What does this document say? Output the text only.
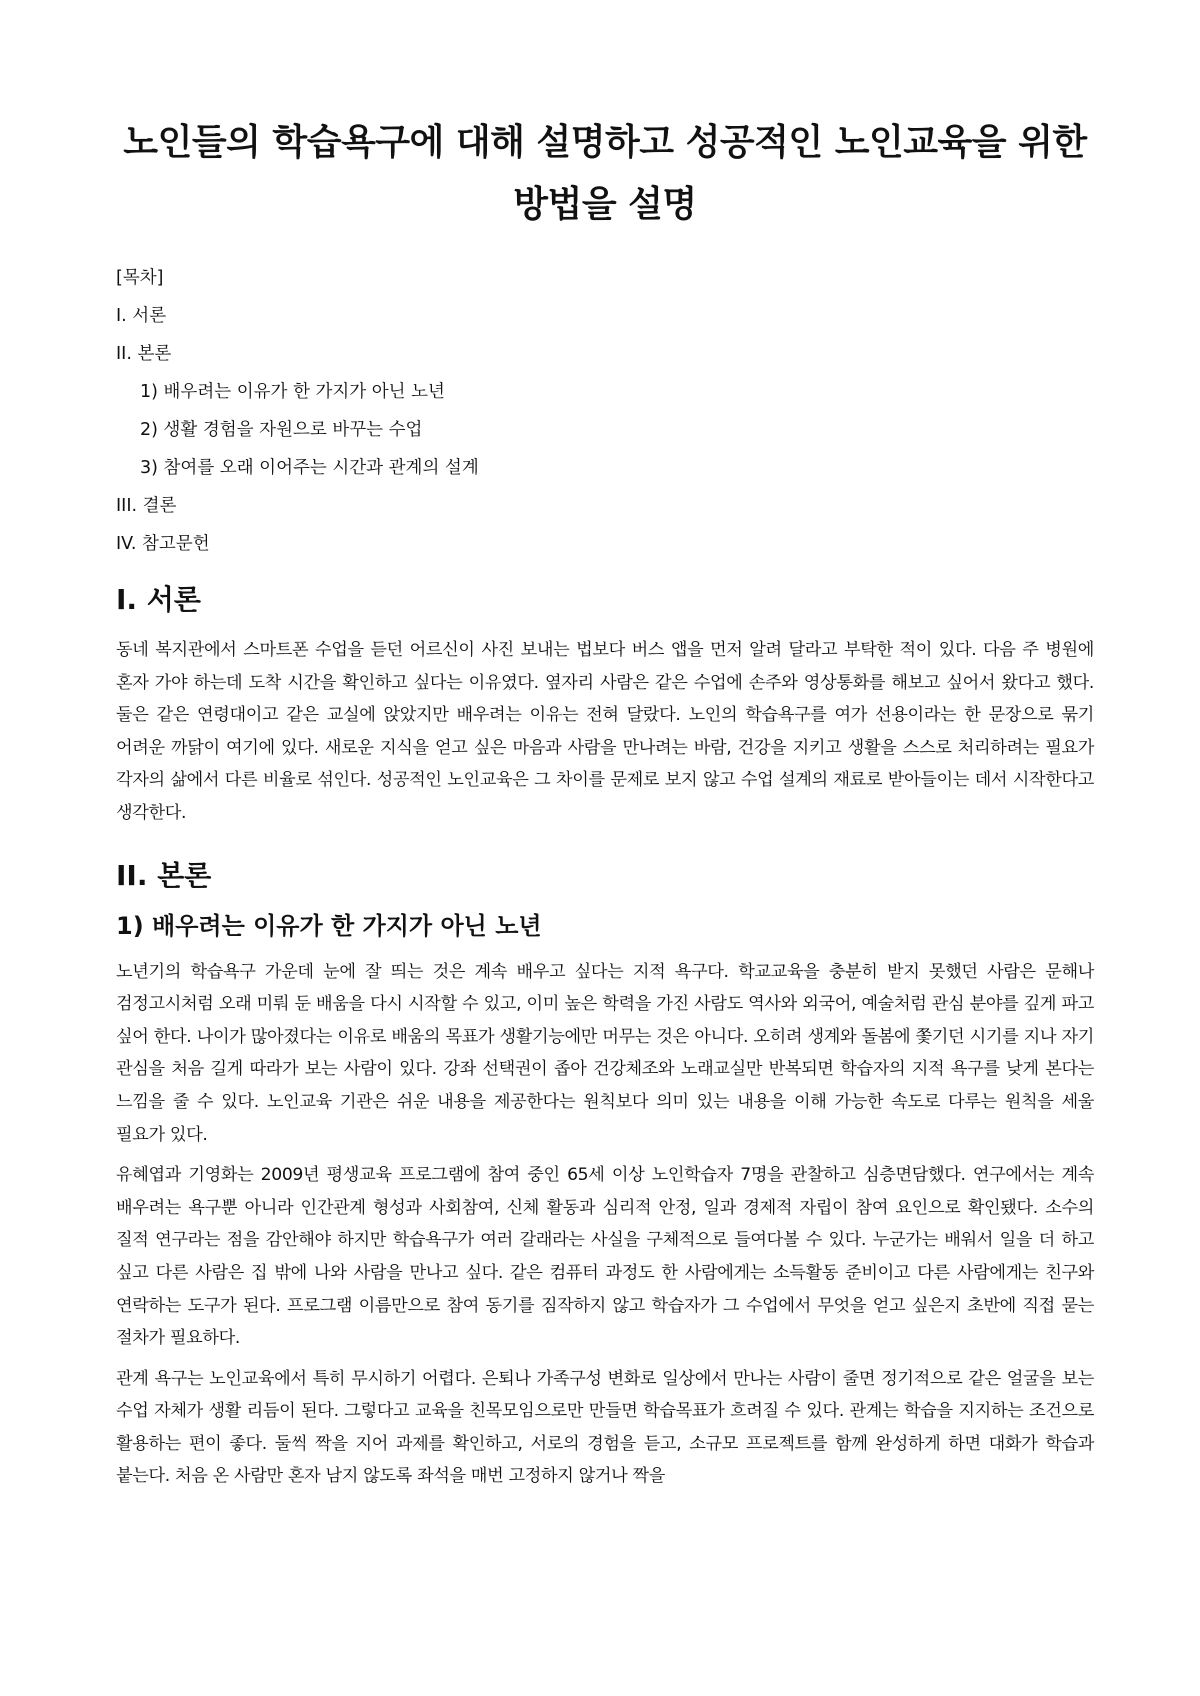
노인들의 학습욕구에 대해 설명하고 성공적인 노인교육을 위한 방법을 설명
[목차]
I. 서론
II. 본론
1) 배우려는 이유가 한 가지가 아닌 노년
2) 생활 경험을 자원으로 바꾸는 수업
3) 참여를 오래 이어주는 시간과 관계의 설계
III. 결론
IV. 참고문헌
I. 서론

동네 복지관에서 스마트폰 수업을 듣던 어르신이 사진 보내는 법보다 버스 앱을 먼저 알려 달라고 부탁한 적이 있다. 다음 주 병원에 혼자 가야 하는데 도착 시간을 확인하고 싶다는 이유였다. 옆자리 사람은 같은 수업에 손주와 영상통화를 해보고 싶어서 왔다고 했다. 둘은 같은 연령대이고 같은 교실에 앉았지만 배우려는 이유는 전혀 달랐다. 노인의 학습욕구를 여가 선용이라는 한 문장으로 묶기 어려운 까닭이 여기에 있다. 새로운 지식을 얻고 싶은 마음과 사람을 만나려는 바람, 건강을 지키고 생활을 스스로 처리하려는 필요가 각자의 삶에서 다른 비율로 섞인다. 성공적인 노인교육은 그 차이를 문제로 보지 않고 수업 설계의 재료로 받아들이는 데서 시작한다고 생각한다.

II. 본론
1) 배우려는 이유가 한 가지가 아닌 노년

노년기의 학습욕구 가운데 눈에 잘 띄는 것은 계속 배우고 싶다는 지적 욕구다. 학교교육을 충분히 받지 못했던 사람은 문해나 검정고시처럼 오래 미뤄 둔 배움을 다시 시작할 수 있고, 이미 높은 학력을 가진 사람도 역사와 외국어, 예술처럼 관심 분야를 깊게 파고 싶어 한다. 나이가 많아졌다는 이유로 배움의 목표가 생활기능에만 머무는 것은 아니다. 오히려 생계와 돌봄에 쫓기던 시기를 지나 자기 관심을 처음 길게 따라가 보는 사람이 있다. 강좌 선택권이 좁아 건강체조와 노래교실만 반복되면 학습자의 지적 욕구를 낮게 본다는 느낌을 줄 수 있다. 노인교육 기관은 쉬운 내용을 제공한다는 원칙보다 의미 있는 내용을 이해 가능한 속도로 다루는 원칙을 세울 필요가 있다.

유혜엽과 기영화는 2009년 평생교육 프로그램에 참여 중인 65세 이상 노인학습자 7명을 관찰하고 심층면담했다. 연구에서는 계속 배우려는 욕구뿐 아니라 인간관계 형성과 사회참여, 신체 활동과 심리적 안정, 일과 경제적 자립이 참여 요인으로 확인됐다. 소수의 질적 연구라는 점을 감안해야 하지만 학습욕구가 여러 갈래라는 사실을 구체적으로 들여다볼 수 있다. 누군가는 배워서 일을 더 하고 싶고 다른 사람은 집 밖에 나와 사람을 만나고 싶다. 같은 컴퓨터 과정도 한 사람에게는 소득활동 준비이고 다른 사람에게는 친구와 연락하는 도구가 된다. 프로그램 이름만으로 참여 동기를 짐작하지 않고 학습자가 그 수업에서 무엇을 얻고 싶은지 초반에 직접 묻는 절차가 필요하다.

관계 욕구는 노인교육에서 특히 무시하기 어렵다. 은퇴나 가족구성 변화로 일상에서 만나는 사람이 줄면 정기적으로 같은 얼굴을 보는 수업 자체가 생활 리듬이 된다. 그렇다고 교육을 친목모임으로만 만들면 학습목표가 흐려질 수 있다. 관계는 학습을 지지하는 조건으로 활용하는 편이 좋다. 둘씩 짝을 지어 과제를 확인하고, 서로의 경험을 듣고, 소규모 프로젝트를 함께 완성하게 하면 대화가 학습과 붙는다. 처음 온 사람만 혼자 남지 않도록 좌석을 매번 고정하지 않거나 짝을
